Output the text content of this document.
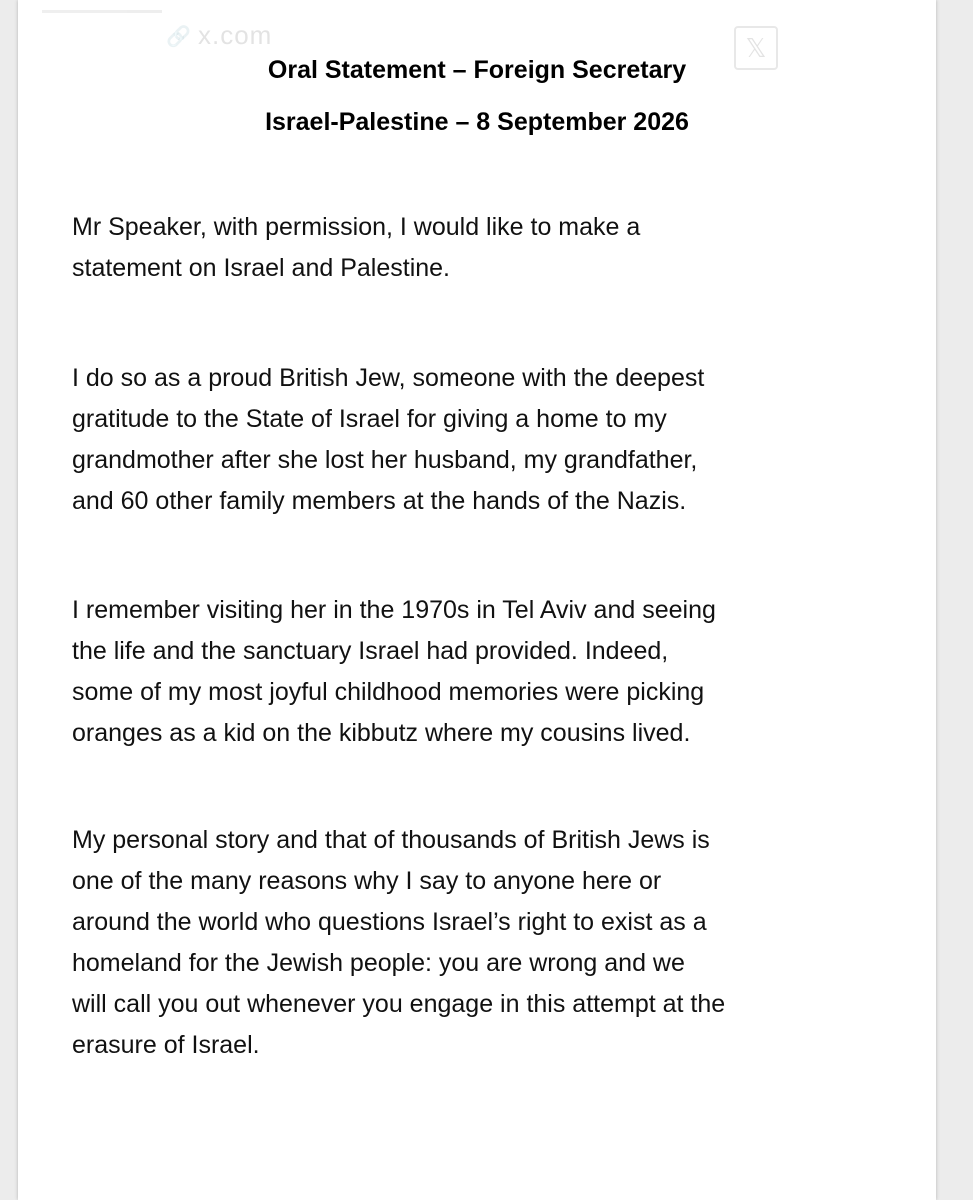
🔗 x.com	𝕏
Oral Statement – Foreign Secretary
Israel-Palestine – 8 September 2026
Mr Speaker, with permission, I would like to make a
statement on Israel and Palestine.
I do so as a proud British Jew, someone with the deepest
gratitude to the State of Israel for giving a home to my
grandmother after she lost her husband, my grandfather,
and 60 other family members at the hands of the Nazis.
I remember visiting her in the 1970s in Tel Aviv and seeing
the life and the sanctuary Israel had provided. Indeed,
some of my most joyful childhood memories were picking
oranges as a kid on the kibbutz where my cousins lived.
My personal story and that of thousands of British Jews is
one of the many reasons why I say to anyone here or
around the world who questions Israel’s right to exist as a
homeland for the Jewish people: you are wrong and we
will call you out whenever you engage in this attempt at the
erasure of Israel.
